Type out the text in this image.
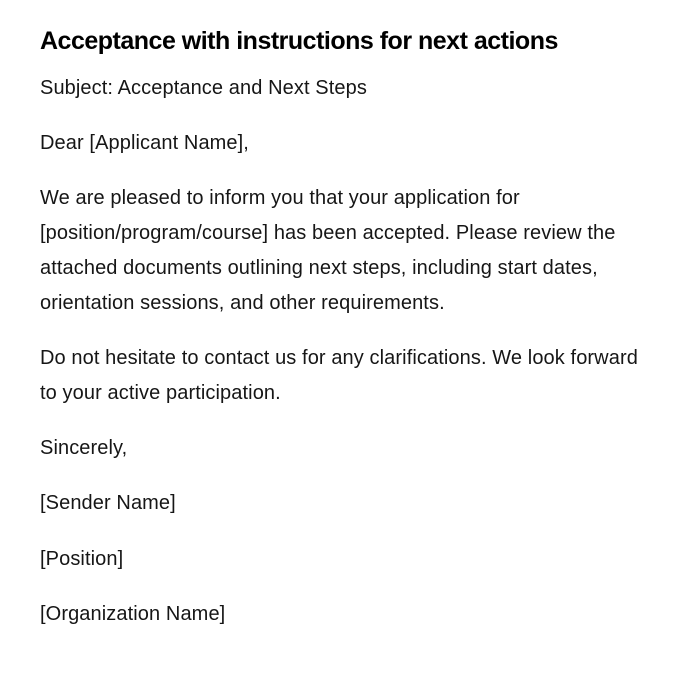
Acceptance with instructions for next actions

Subject: Acceptance and Next Steps

Dear [Applicant Name],

We are pleased to inform you that your application for [position/program/course] has been accepted. Please review the attached documents outlining next steps, including start dates, orientation sessions, and other requirements.

Do not hesitate to contact us for any clarifications. We look forward to your active participation.

Sincerely,

[Sender Name]

[Position]

[Organization Name]
